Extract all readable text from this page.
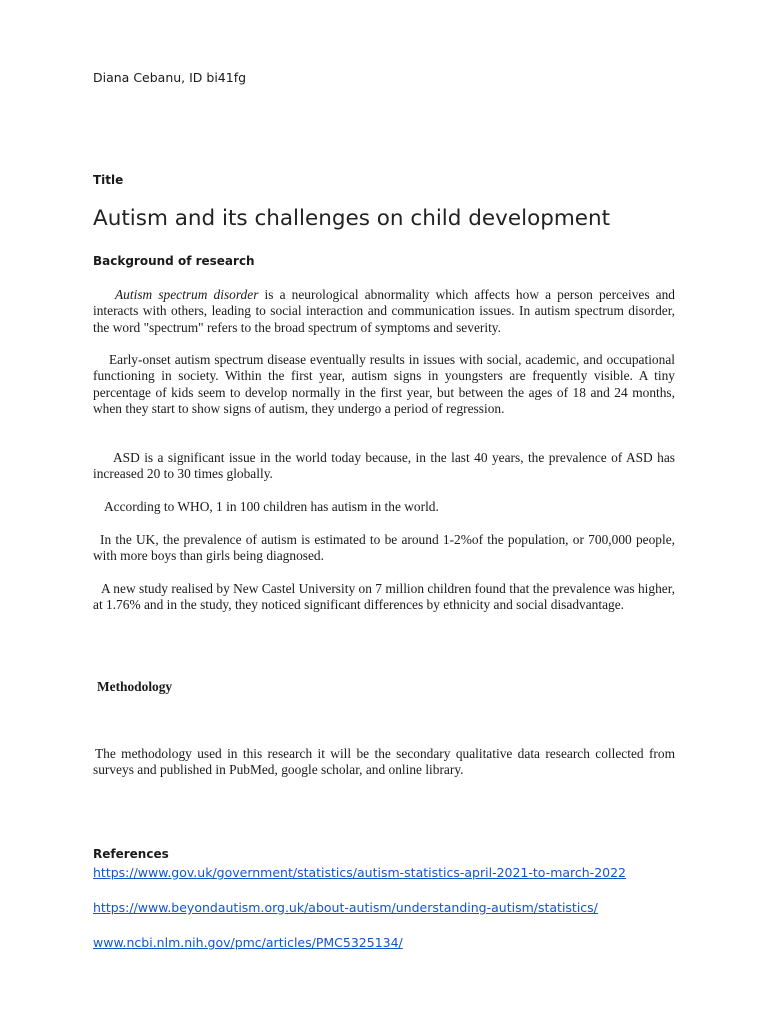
Diana Cebanu, ID bi41fg
Title
Autism and its challenges on child development
Background of research

Autism spectrum disorder is a neurological abnormality which affects how a person perceives and interacts with others, leading to social interaction and communication issues. In autism spectrum disorder, the word "spectrum" refers to the broad spectrum of symptoms and severity.

Early-onset autism spectrum disease eventually results in issues with social, academic, and occupational functioning in society. Within the first year, autism signs in youngsters are frequently visible. A tiny percentage of kids seem to develop normally in the first year, but between the ages of 18 and 24 months, when they start to show signs of autism, they undergo a period of regression.

ASD is a significant issue in the world today because, in the last 40 years, the prevalence of ASD has increased 20 to 30 times globally.

According to WHO, 1 in 100 children has autism in the world.

In the UK, the prevalence of autism is estimated to be around 1-2%of the population, or 700,000 people, with more boys than girls being diagnosed.

A new study realised by New Castel University on 7 million children found that the prevalence was higher, at 1.76% and in the study, they noticed significant differences by ethnicity and social disadvantage.

Methodology

The methodology used in this research it will be the secondary qualitative data research collected from surveys and published in PubMed, google scholar, and online library.

References
https://www.gov.uk/government/statistics/autism-statistics-april-2021-to-march-2022
https://www.beyondautism.org.uk/about-autism/understanding-autism/statistics/
www.ncbi.nlm.nih.gov/pmc/articles/PMC5325134/
